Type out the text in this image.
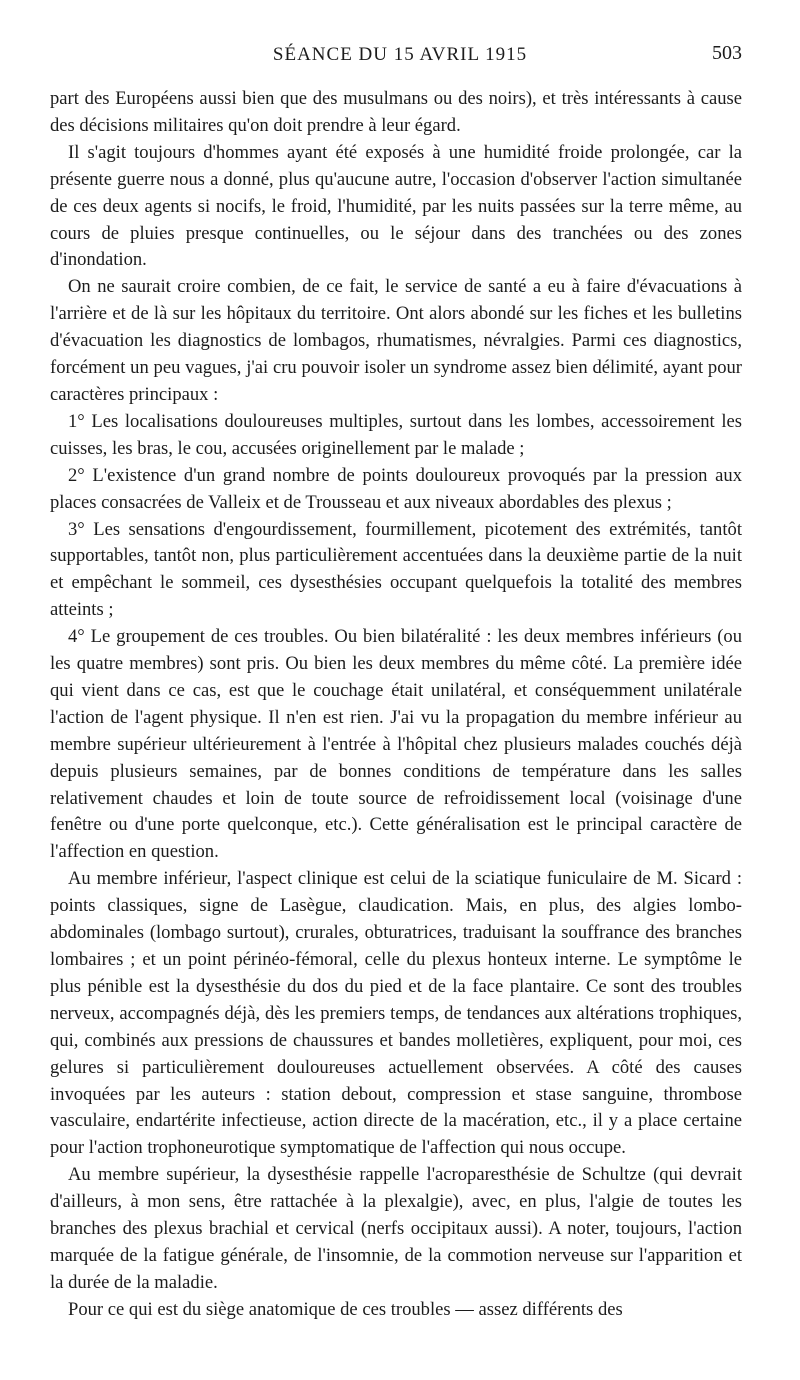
SÉANCE DU 15 AVRIL 1915	503

part des Européens aussi bien que des musulmans ou des noirs), et très intéressants à cause des décisions militaires qu'on doit prendre à leur égard.

Il s'agit toujours d'hommes ayant été exposés à une humidité froide prolongée, car la présente guerre nous a donné, plus qu'aucune autre, l'occasion d'observer l'action simultanée de ces deux agents si nocifs, le froid, l'humidité, par les nuits passées sur la terre même, au cours de pluies presque continuelles, ou le séjour dans des tranchées ou des zones d'inondation.

On ne saurait croire combien, de ce fait, le service de santé a eu à faire d'évacuations à l'arrière et de là sur les hôpitaux du territoire. Ont alors abondé sur les fiches et les bulletins d'évacuation les diagnostics de lombagos, rhumatismes, névralgies. Parmi ces diagnostics, forcément un peu vagues, j'ai cru pouvoir isoler un syndrome assez bien délimité, ayant pour caractères principaux :

1° Les localisations douloureuses multiples, surtout dans les lombes, accessoirement les cuisses, les bras, le cou, accusées originellement par le malade ;

2° L'existence d'un grand nombre de points douloureux provoqués par la pression aux places consacrées de Valleix et de Trousseau et aux niveaux abordables des plexus ;

3° Les sensations d'engourdissement, fourmillement, picotement des extrémités, tantôt supportables, tantôt non, plus particulièrement accentuées dans la deuxième partie de la nuit et empêchant le sommeil, ces dysesthésies occupant quelquefois la totalité des membres atteints ;

4° Le groupement de ces troubles. Ou bien bilatéralité : les deux membres inférieurs (ou les quatre membres) sont pris. Ou bien les deux membres du même côté. La première idée qui vient dans ce cas, est que le couchage était unilatéral, et conséquemment unilatérale l'action de l'agent physique. Il n'en est rien. J'ai vu la propagation du membre inférieur au membre supérieur ultérieurement à l'entrée à l'hôpital chez plusieurs malades couchés déjà depuis plusieurs semaines, par de bonnes conditions de température dans les salles relativement chaudes et loin de toute source de refroidissement local (voisinage d'une fenêtre ou d'une porte quelconque, etc.). Cette généralisation est le principal caractère de l'affection en question.

Au membre inférieur, l'aspect clinique est celui de la sciatique funiculaire de M. Sicard : points classiques, signe de Lasègue, claudication. Mais, en plus, des algies lombo-abdominales (lombago surtout), crurales, obturatrices, traduisant la souffrance des branches lombaires ; et un point périnéo-fémoral, celle du plexus honteux interne. Le symptôme le plus pénible est la dysesthésie du dos du pied et de la face plantaire. Ce sont des troubles nerveux, accompagnés déjà, dès les premiers temps, de tendances aux altérations trophiques, qui, combinés aux pressions de chaussures et bandes molletières, expliquent, pour moi, ces gelures si particulièrement douloureuses actuellement observées. A côté des causes invoquées par les auteurs : station debout, compression et stase sanguine, thrombose vasculaire, endartérite infectieuse, action directe de la macération, etc., il y a place certaine pour l'action trophoneurotique symptomatique de l'affection qui nous occupe.

Au membre supérieur, la dysesthésie rappelle l'acroparesthésie de Schultze (qui devrait d'ailleurs, à mon sens, être rattachée à la plexalgie), avec, en plus, l'algie de toutes les branches des plexus brachial et cervical (nerfs occipitaux aussi). A noter, toujours, l'action marquée de la fatigue générale, de l'insomnie, de la commotion nerveuse sur l'apparition et la durée de la maladie.

Pour ce qui est du siège anatomique de ces troubles — assez différents des
